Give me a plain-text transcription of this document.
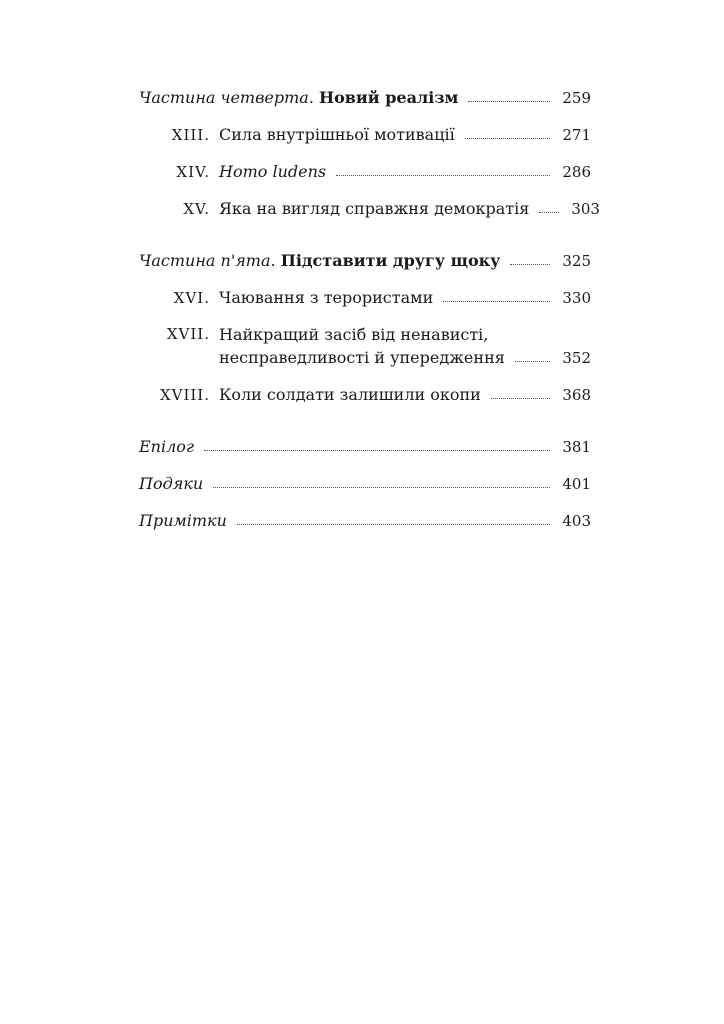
Частина четверта. Новий реалізм	259
XIII. Сила внутрішньої мотивації	271
XIV. Homo ludens	286
XV. Яка на вигляд справжня демократія	303
Частина п'ята. Підставити другу щоку	325
XVI. Чаювання з терористами	330
XVII. Найкращий засіб від ненависті,
несправедливості й упередження	352
XVIII. Коли солдати залишили окопи	368
Епілог	381
Подяки	401
Примітки	403
